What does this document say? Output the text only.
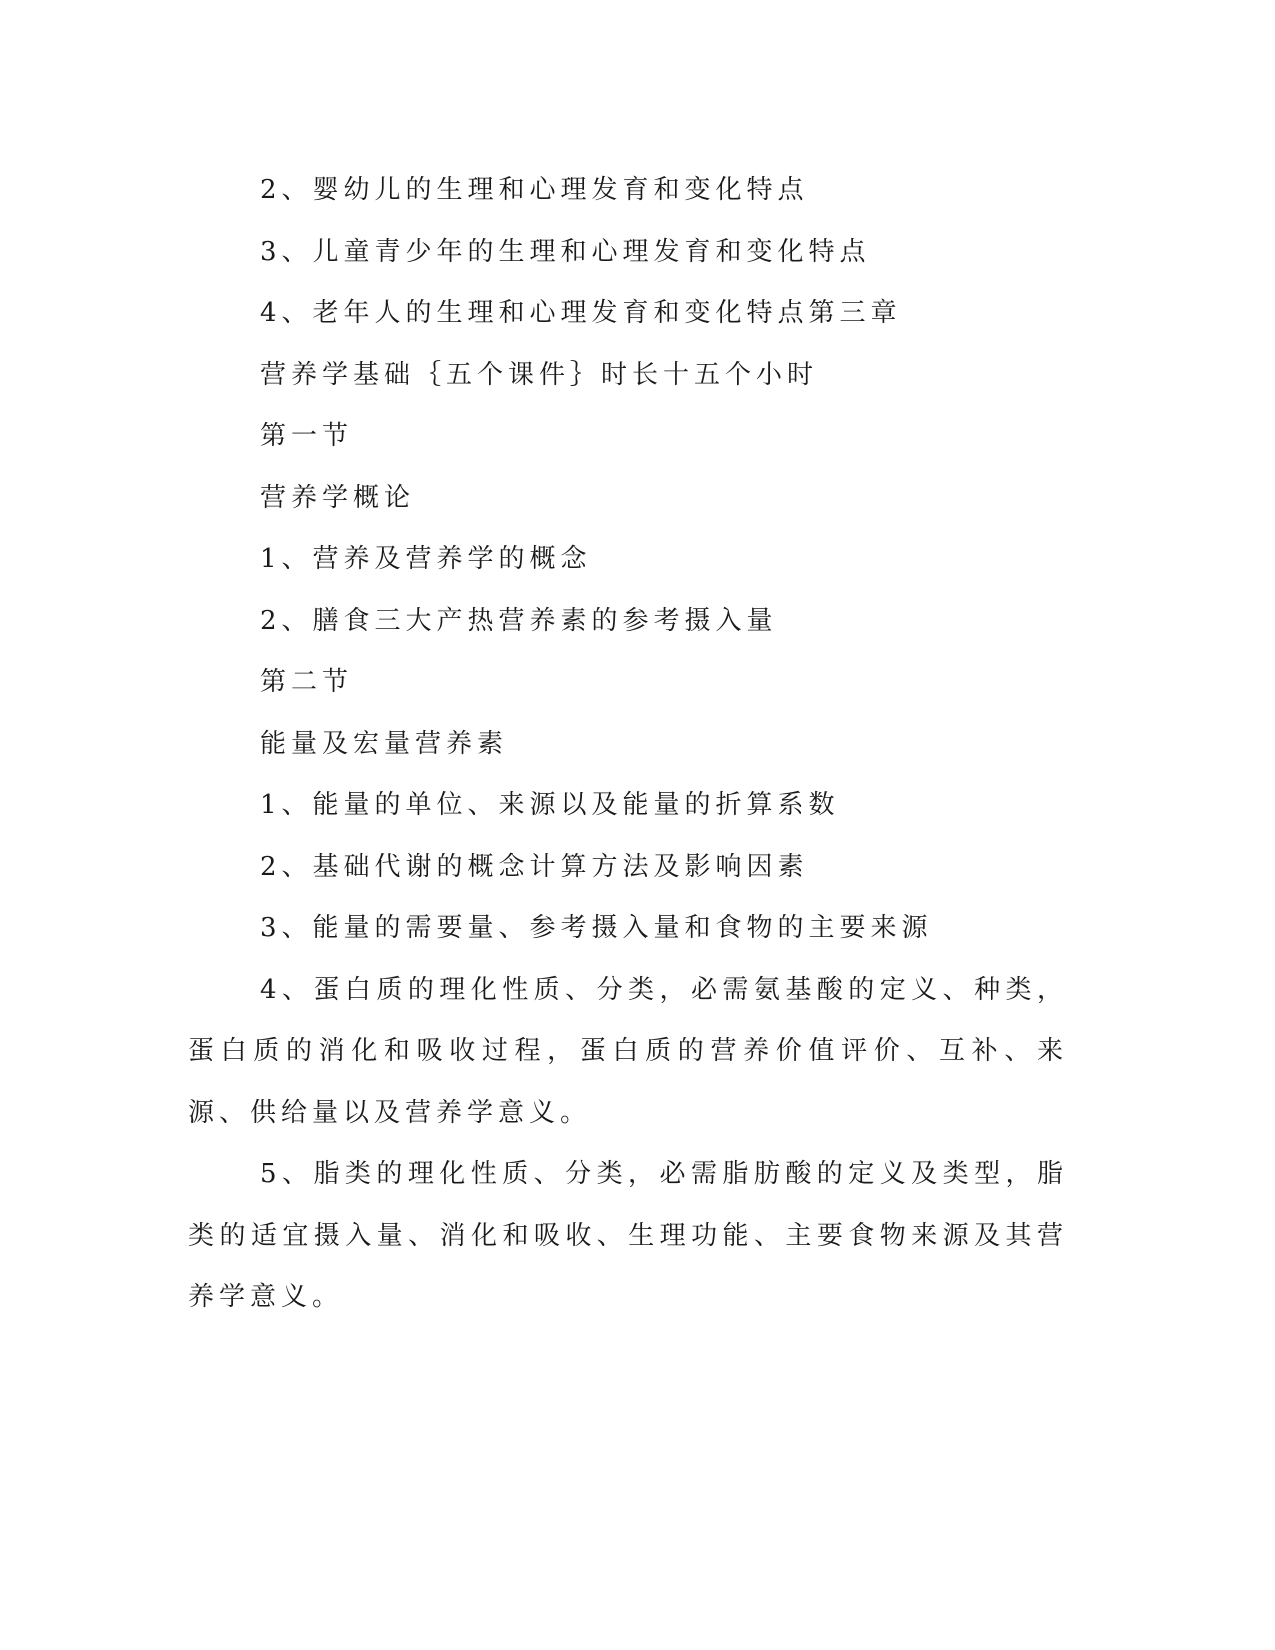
2、婴幼儿的生理和心理发育和变化特点
3、儿童青少年的生理和心理发育和变化特点
4、老年人的生理和心理发育和变化特点第三章
营养学基础｛五个课件｝时长十五个小时
第一节
营养学概论
1、营养及营养学的概念
2、膳食三大产热营养素的参考摄入量
第二节
能量及宏量营养素
1、能量的单位、来源以及能量的折算系数
2、基础代谢的概念计算方法及影响因素
3、能量的需要量、参考摄入量和食物的主要来源
4、蛋白质的理化性质、分类，必需氨基酸的定义、种类，蛋白质的消化和吸收过程，蛋白质的营养价值评价、互补、来源、供给量以及营养学意义。
5、脂类的理化性质、分类，必需脂肪酸的定义及类型，脂类的适宜摄入量、消化和吸收、生理功能、主要食物来源及其营养学意义。
